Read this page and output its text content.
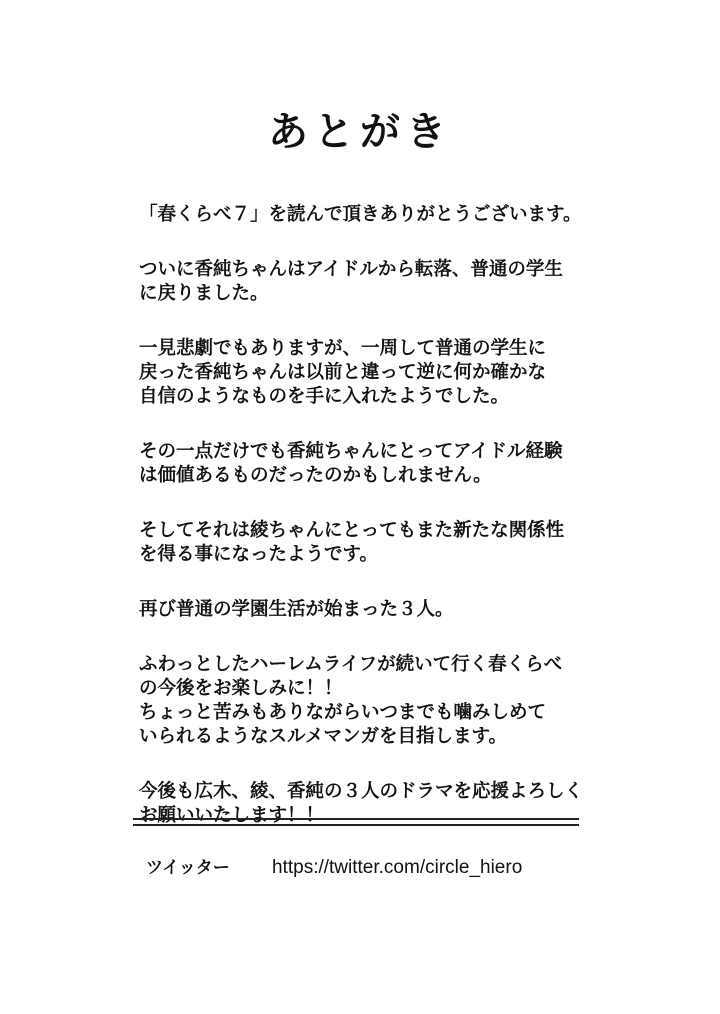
あとがき

「春くらべ７」を読んで頂きありがとうございます。

ついに香純ちゃんはアイドルから転落、普通の学生
に戻りました。

一見悲劇でもありますが、一周して普通の学生に
戻った香純ちゃんは以前と違って逆に何か確かな
自信のようなものを手に入れたようでした。

その一点だけでも香純ちゃんにとってアイドル経験
は価値あるものだったのかもしれません。

そしてそれは綾ちゃんにとってもまた新たな関係性
を得る事になったようです。

再び普通の学園生活が始まった３人。

ふわっとしたハーレムライフが続いて行く春くらべ
の今後をお楽しみに！！
ちょっと苦みもありながらいつまでも噛みしめて
いられるようなスルメマンガを目指します。

今後も広木、綾、香純の３人のドラマを応援よろしく
お願いいたします！！

ツイッター https://twitter.com/circle_hiero
